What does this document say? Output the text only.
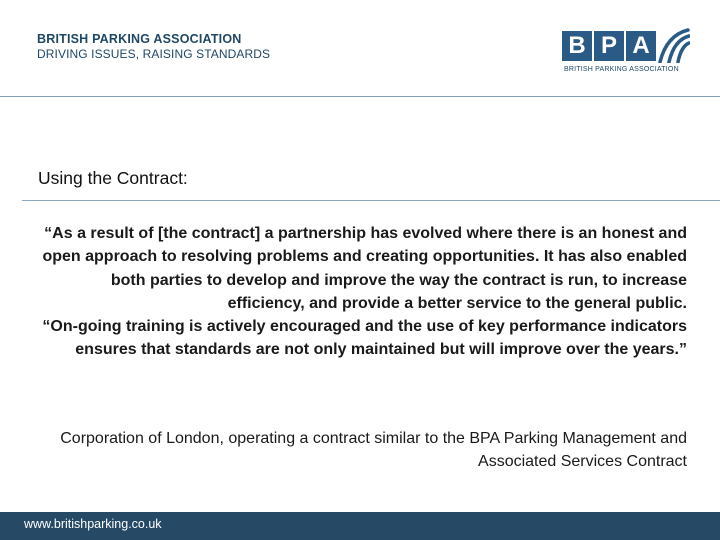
BRITISH PARKING ASSOCIATION
DRIVING ISSUES, RAISING STANDARDS	B P A
BRITISH PARKING ASSOCIATION
Using the Contract:

“As a result of [the contract] a partnership has evolved where there is an honest and open approach to resolving problems and creating opportunities. It has also enabled both parties to develop and improve the way the contract is run, to increase efficiency, and provide a better service to the general public.

“On-going training is actively encouraged and the use of key performance indicators ensures that standards are not only maintained but will improve over the years.”

Corporation of London, operating a contract similar to the BPA Parking Management and Associated Services Contract
www.britishparking.co.uk
